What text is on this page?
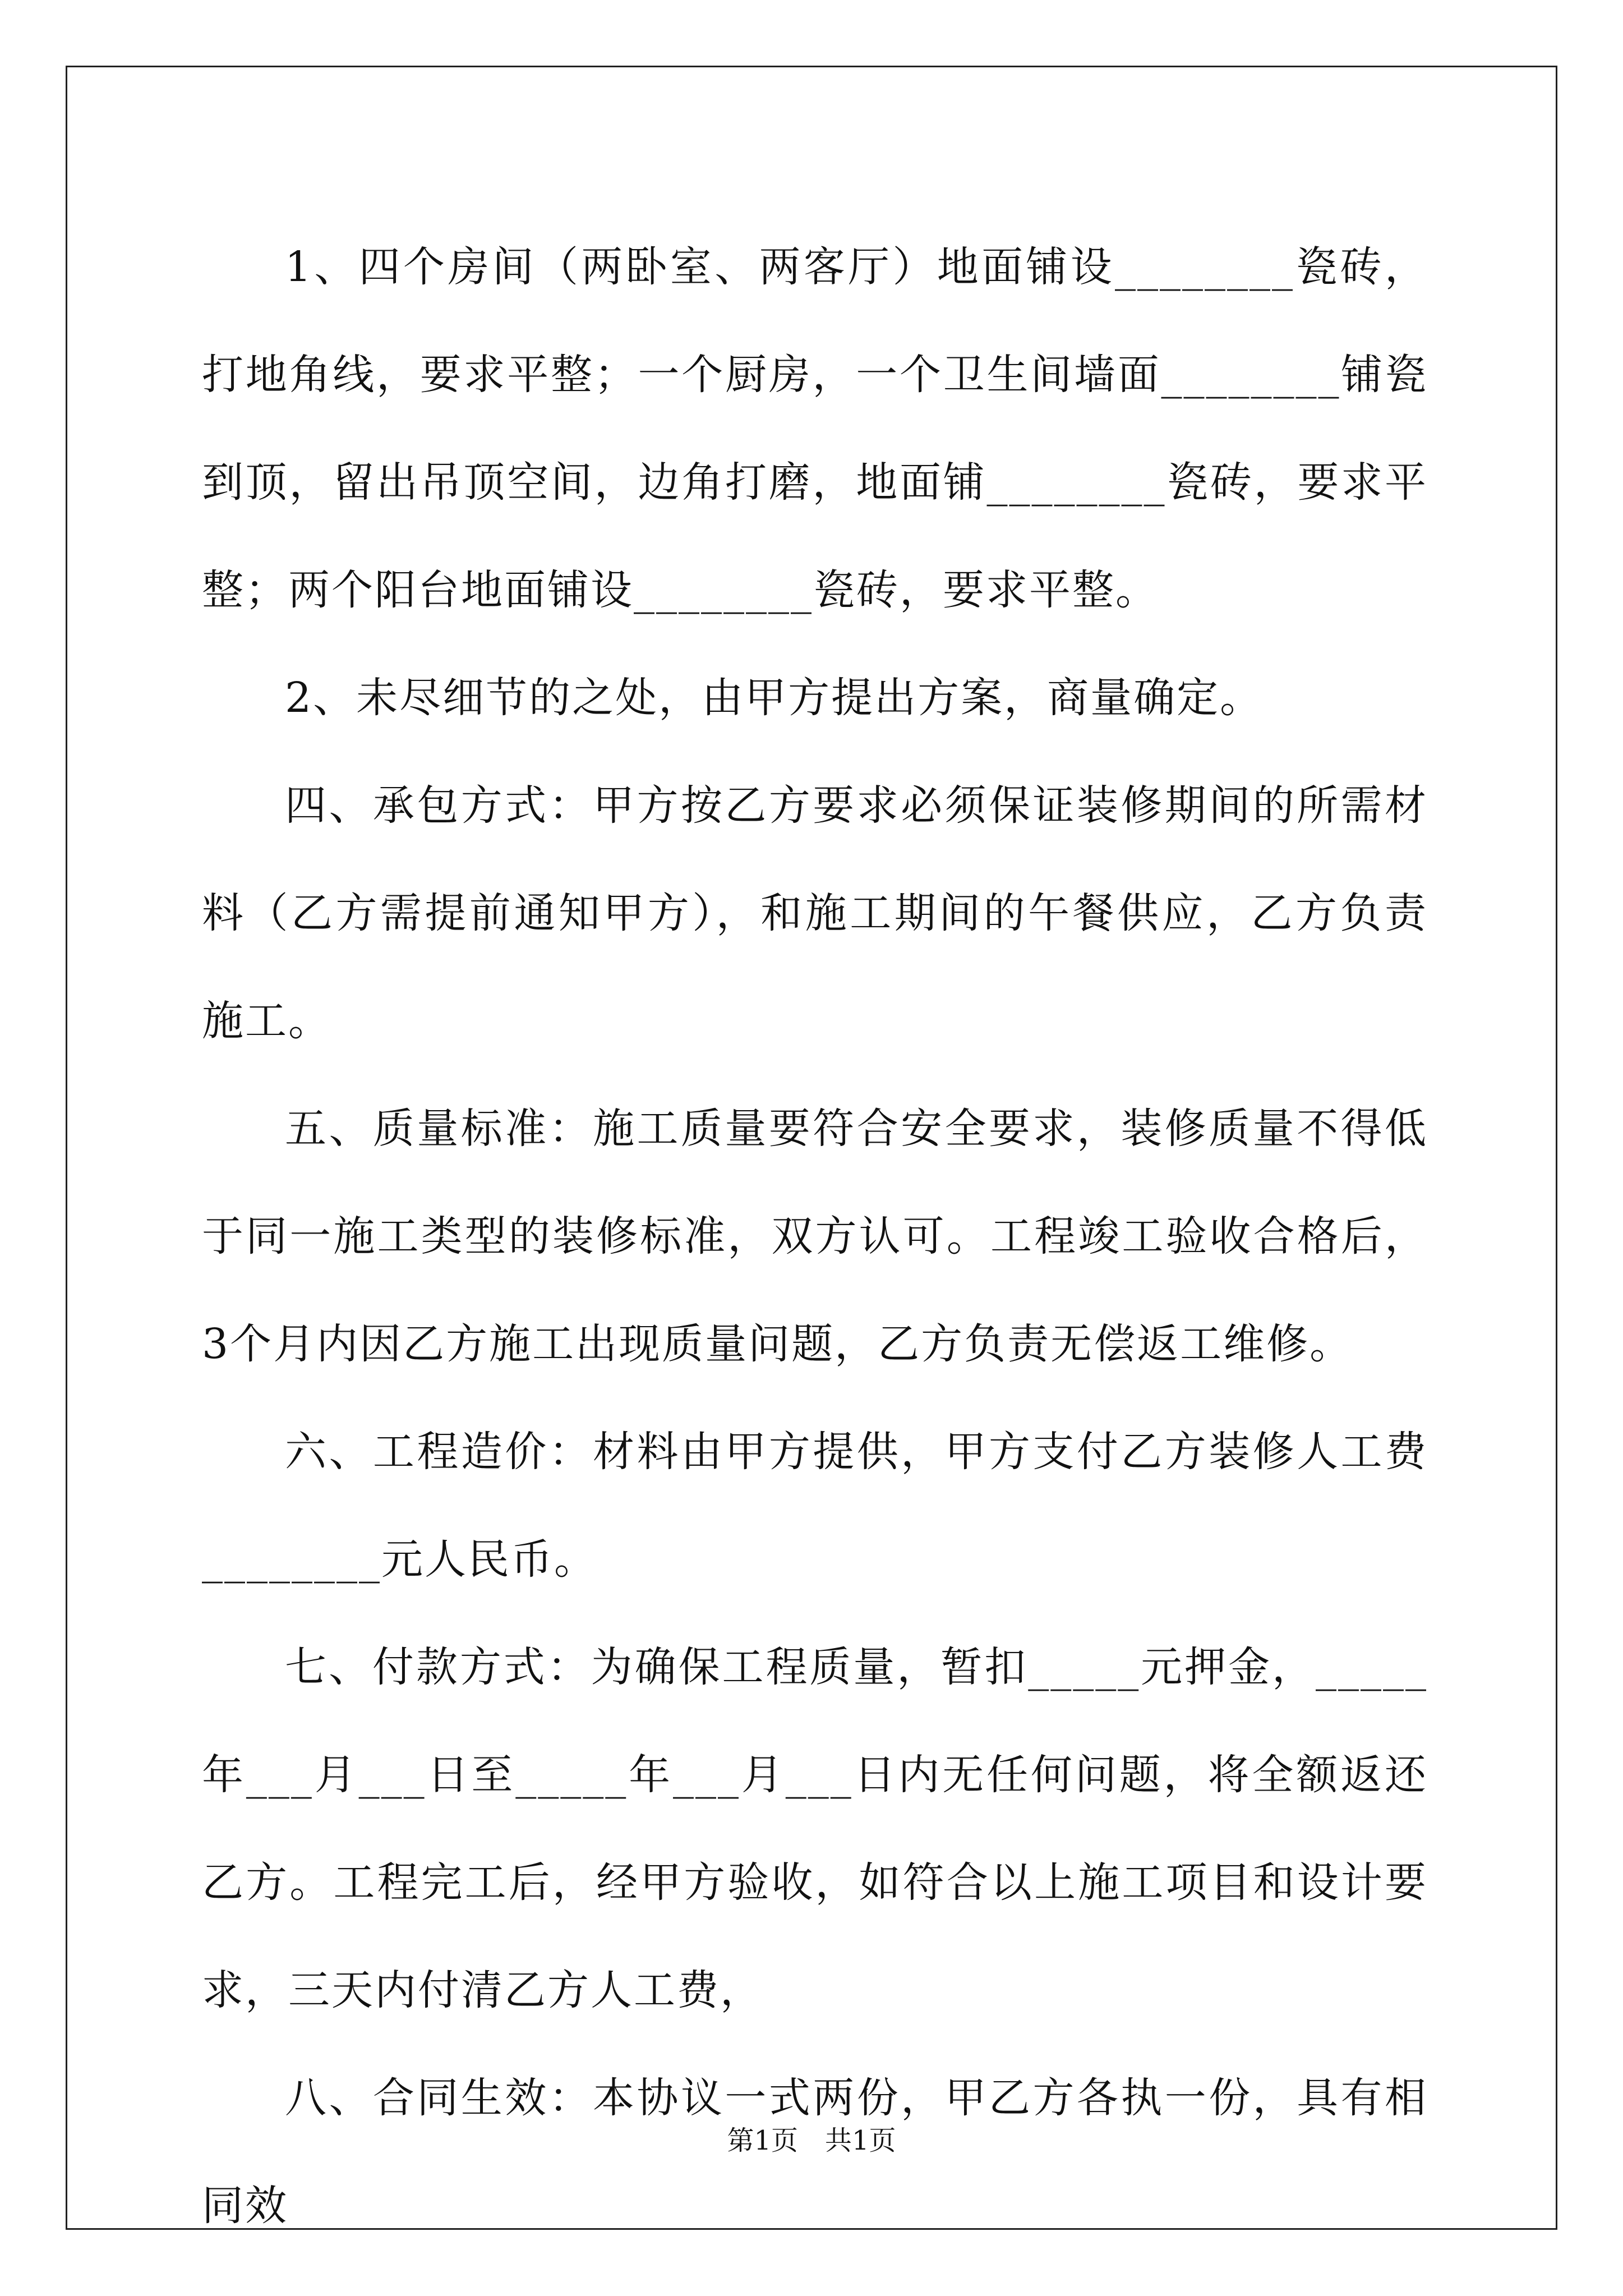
1、四个房间（两卧室、两客厅）地面铺设________瓷砖，打地角线，要求平整；一个厨房，一个卫生间墙面________铺瓷到顶，留出吊顶空间，边角打磨，地面铺________瓷砖，要求平整；两个阳台地面铺设________瓷砖，要求平整。

2、未尽细节的之处，由甲方提出方案，商量确定。

四、承包方式：甲方按乙方要求必须保证装修期间的所需材料（乙方需提前通知甲方），和施工期间的午餐供应，乙方负责施工。

五、质量标准：施工质量要符合安全要求，装修质量不得低于同一施工类型的装修标准，双方认可。工程竣工验收合格后，3个月内因乙方施工出现质量问题，乙方负责无偿返工维修。

六、工程造价：材料由甲方提供，甲方支付乙方装修人工费________元人民币。

七、付款方式：为确保工程质量，暂扣_____元押金，_____年___月___日至_____年___月___日内无任何问题，将全额返还乙方。工程完工后，经甲方验收，如符合以上施工项目和设计要求，三天内付清乙方人工费，

八、合同生效：本协议一式两份，甲乙方各执一份，具有相同效

第1页　共1页
